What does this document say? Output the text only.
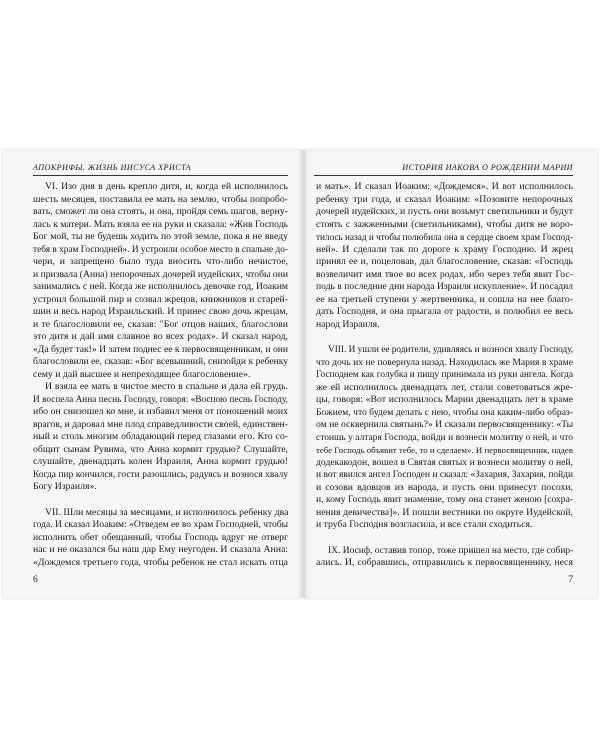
АПОКРИФЫ. ЖИЗНЬ ИИСУСА ХРИСТА
VI. Изо дня в день крепло дитя, и, когда ей исполнилось
шесть месяцев, поставила ее мать на землю, чтобы попробо-
вать, сможет ли она стоять, и она, пройдя семь шагов, верну-
лась к матери. Мать взяла ее на руки и сказала: «Жив Господь
Бог мой, ты не будешь ходить по этой земле, пока я не введу
тебя в храм Господней». И устроили особое место в спальне до-
чери, и запрещено было туда вносить что-либо нечистое,
и призвала (Анна) непорочных дочерей иудейских, чтобы они
занимались с ней. Когда же исполнилось девочке год, Иоаким
устроил большой пир и созвал жрецов, книжников и старей-
шин и весь народ Израильский. И принес свою дочь жрецам,
и те благословили ее, сказав: "Бог отцов наших, благослови
это дитя и дай имя славное во всех родах». И сказал народ,
«Да будет так!» И затем поднес ее к первосвященникам, и они
благословили ее, сказав: «Бог всевышний, снизойди к ребенку
сему и дай высшее и непреходящее благословение».
И взяла ее мать в чистое место в спальне и дала ей грудь.
И воспела Анна песнь Господу, говоря: «Воспою песнь Господу,
ибо он снизошел ко мне, и избавил меня от поношений моих
врагов, и даровал мне плод справедливости своей, единствен-
ный и столь многим обладающий перед глазами его. Кто со-
общит сынам Рувима, что Анна кормит грудью? Слушайте,
слушайте, двенадцать колен Израиля, Анна кормит грудью!
Когда пир кончился, гости разошлись, радуясь и вознося хвалу
Богу Израиля».
VII. Шли месяцы за месяцами, и исполнилось ребенку два
года. И сказал Иоаким: «Отведем ее во храм Господней, чтобы
исполнить обет обещанный, чтобы Господь вдруг не отверг
нас и не оказался бы наш дар Ему неугоден. И сказала Анна:
«Дождемся третьего года, чтобы ребенок не стал искать отца
6
ИСТОРИЯ ИАКОВА О РОЖДЕНИИ МАРИИ
и мать». И сказал Иоаким: «Дождемся». И вот исполнилось
ребенку три года, и сказал Иоаким: «Позовите непорочных
дочерей иудейских, и пусть они возьмут светильники и будут
стоять с зажженными (светильниками), чтобы дитя не воро-
тилось назад и чтобы полюбила она в сердце своем храм Господ-
ней». И сделали так по дороге к храму Господню. И жрец
принял ее и, поцеловав, дал благословение, сказав: «Господь
возвеличит имя твое во всех родах, ибо через тебя явит Гос-
подь в последние дни народа Израиля искупление». И посадил
ее на третьей ступени у жертвенника, и сошла на нее благо-
дать Господня, и она прыгала от радости, и полюбил ее весь
народ Израиля.
VIII. И ушли ее родители, удивляясь и вознося хвалу Господу,
что дочь их не повернула назад. Находилась же Мария в храме
Господнем как голубка и пищу принимала из руки ангела. Когда
же ей исполнилось двенадцать лет, стали советоваться жре-
цы, говоря: «Вот исполнилось Марии двенадцать лет в храме
Божием, что будем делать с нею, чтобы она каким-либо образ-
ом не осквернила святынь?» И сказали первосвященнику: «Ты
стоишь у алтаря Господа, войди и вознеси молитву о ней, и что
тебе Господь объявит тебе, то и сделаем». И первосвященник, надев
додекакодон, вошел в Святая святых и вознеси молитву о ней,
и вот явился ангел Господен и сказал: «Захария, Захария, пойди
и созови вдовцов из народа, и пусть они принесут посохи,
и, кому Господь явит знамение, тому она станет женою [сохра-
нения девичества]». И пошли вестники по округе Иудейской,
и труба Господня возгласила, и все стали сходиться.
IX. Иосиф, оставив топор, тоже пришел на место, где собир-
ались. И, собравшись, отправились к первосвященнику, неся
7
